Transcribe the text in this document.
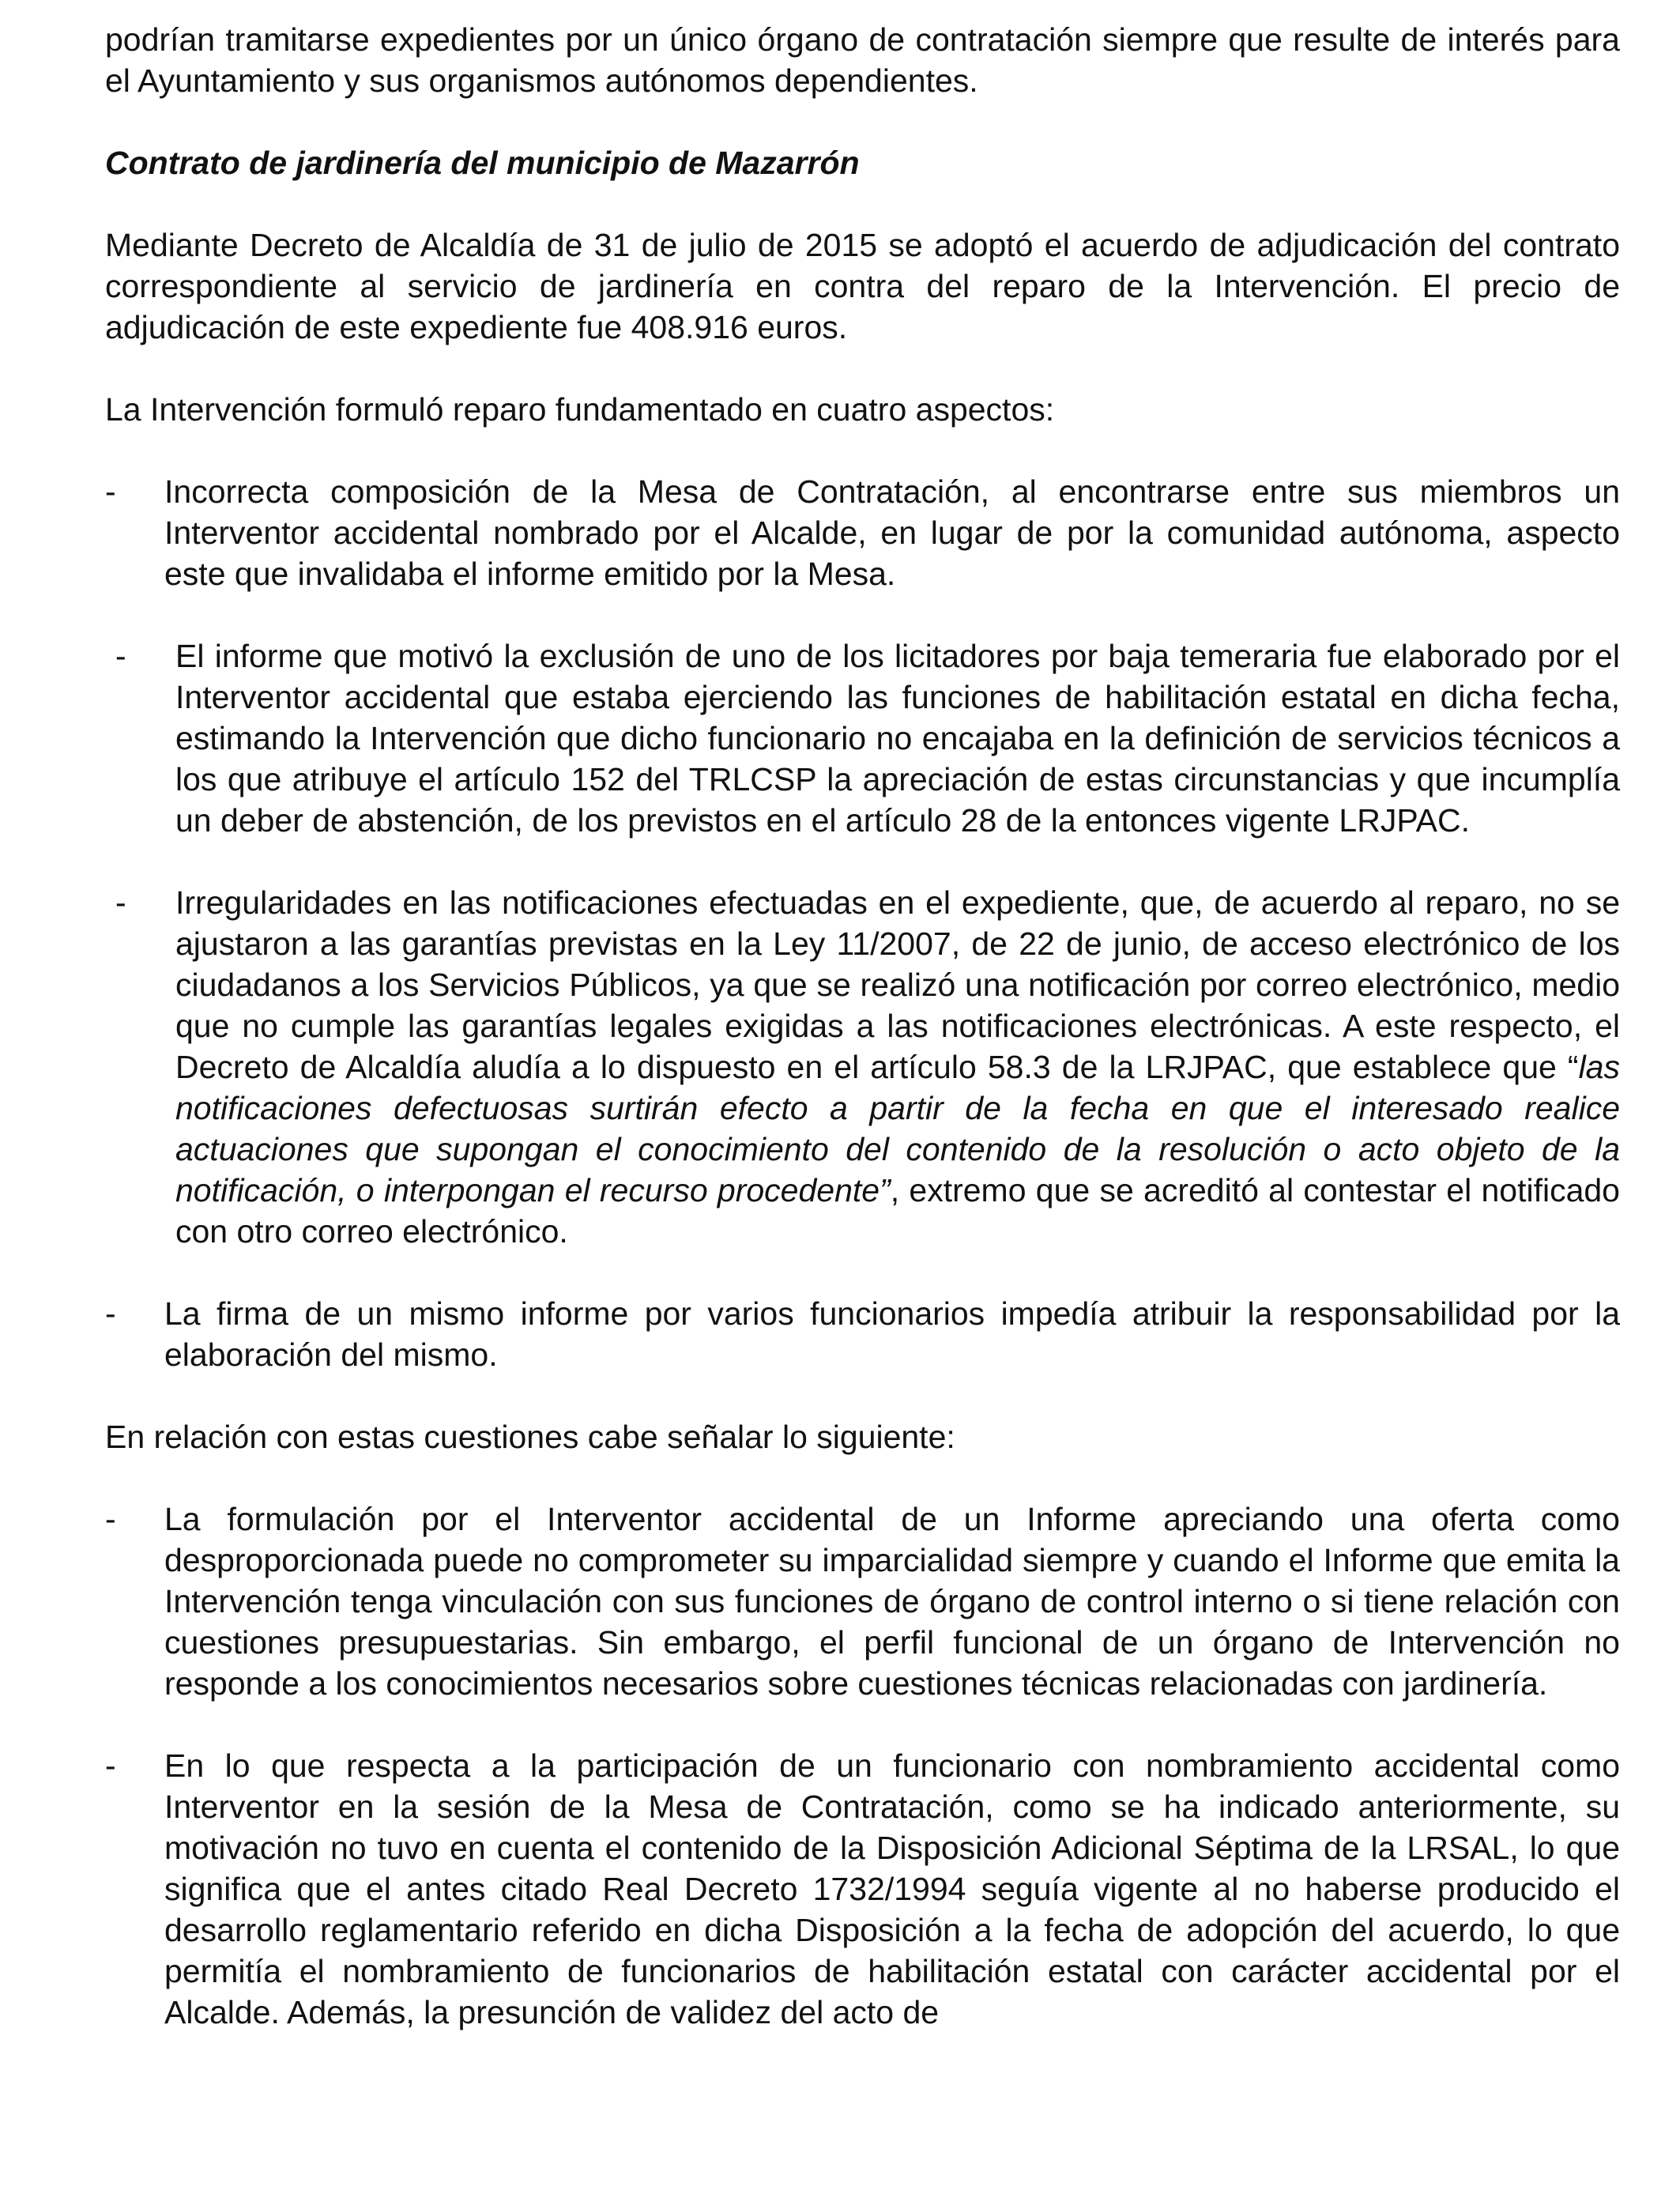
podrían tramitarse expedientes por un único órgano de contratación siempre que resulte de interés para el Ayuntamiento y sus organismos autónomos dependientes.

Contrato de jardinería del municipio de Mazarrón

Mediante Decreto de Alcaldía de 31 de julio de 2015 se adoptó el acuerdo de adjudicación del contrato correspondiente al servicio de jardinería en contra del reparo de la Intervención. El precio de adjudicación de este expediente fue 408.916 euros.

La Intervención formuló reparo fundamentado en cuatro aspectos:

- Incorrecta composición de la Mesa de Contratación, al encontrarse entre sus miembros un Interventor accidental nombrado por el Alcalde, en lugar de por la comunidad autónoma, aspecto este que invalidaba el informe emitido por la Mesa.

- El informe que motivó la exclusión de uno de los licitadores por baja temeraria fue elaborado por el Interventor accidental que estaba ejerciendo las funciones de habilitación estatal en dicha fecha, estimando la Intervención que dicho funcionario no encajaba en la definición de servicios técnicos a los que atribuye el artículo 152 del TRLCSP la apreciación de estas circunstancias y que incumplía un deber de abstención, de los previstos en el artículo 28 de la entonces vigente LRJPAC.

- Irregularidades en las notificaciones efectuadas en el expediente, que, de acuerdo al reparo, no se ajustaron a las garantías previstas en la Ley 11/2007, de 22 de junio, de acceso electrónico de los ciudadanos a los Servicios Públicos, ya que se realizó una notificación por correo electrónico, medio que no cumple las garantías legales exigidas a las notificaciones electrónicas. A este respecto, el Decreto de Alcaldía aludía a lo dispuesto en el artículo 58.3 de la LRJPAC, que establece que “las notificaciones defectuosas surtirán efecto a partir de la fecha en que el interesado realice actuaciones que supongan el conocimiento del contenido de la resolución o acto objeto de la notificación, o interpongan el recurso procedente”, extremo que se acreditó al contestar el notificado con otro correo electrónico.

- La firma de un mismo informe por varios funcionarios impedía atribuir la responsabilidad por la elaboración del mismo.

En relación con estas cuestiones cabe señalar lo siguiente:

- La formulación por el Interventor accidental de un Informe apreciando una oferta como desproporcionada puede no comprometer su imparcialidad siempre y cuando el Informe que emita la Intervención tenga vinculación con sus funciones de órgano de control interno o si tiene relación con cuestiones presupuestarias. Sin embargo, el perfil funcional de un órgano de Intervención no responde a los conocimientos necesarios sobre cuestiones técnicas relacionadas con jardinería.

- En lo que respecta a la participación de un funcionario con nombramiento accidental como Interventor en la sesión de la Mesa de Contratación, como se ha indicado anteriormente, su motivación no tuvo en cuenta el contenido de la Disposición Adicional Séptima de la LRSAL, lo que significa que el antes citado Real Decreto 1732/1994 seguía vigente al no haberse producido el desarrollo reglamentario referido en dicha Disposición a la fecha de adopción del acuerdo, lo que permitía el nombramiento de funcionarios de habilitación estatal con carácter accidental por el Alcalde. Además, la presunción de validez del acto de
